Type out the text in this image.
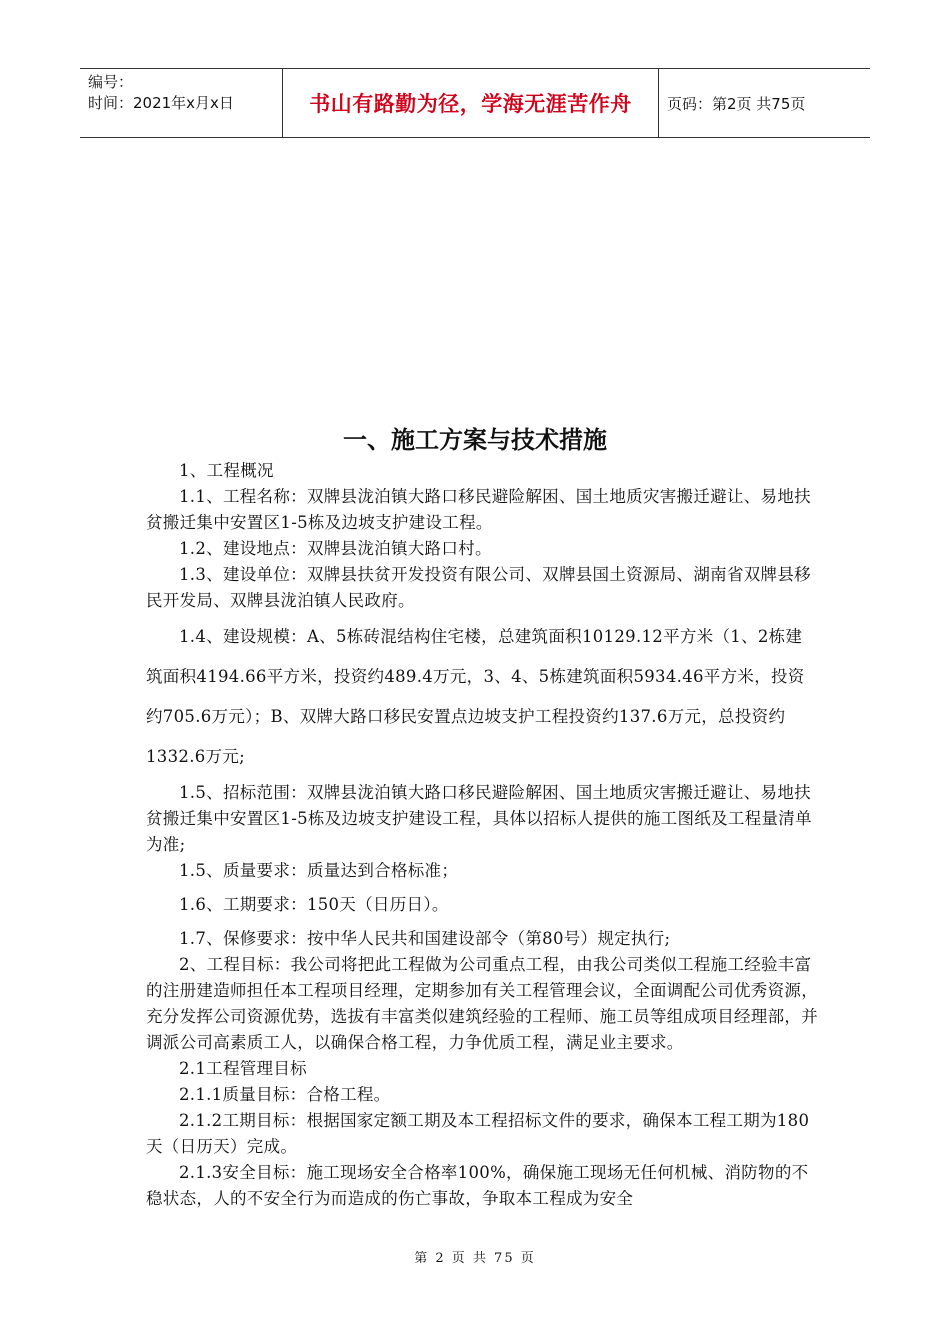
编号：
时间：2021年x月x日	书山有路勤为径，学海无涯苦作舟	页码：第2页 共75页
一、施工方案与技术措施

1、工程概况

1.1、工程名称：双牌县泷泊镇大路口移民避险解困、国土地质灾害搬迁避让、易地扶贫搬迁集中安置区1-5栋及边坡支护建设工程。

1.2、建设地点：双牌县泷泊镇大路口村。

1.3、建设单位：双牌县扶贫开发投资有限公司、双牌县国土资源局、湖南省双牌县移民开发局、双牌县泷泊镇人民政府。

1.4、建设规模：A、5栋砖混结构住宅楼，总建筑面积10129.12平方米（1、2栋建筑面积4194.66平方米，投资约489.4万元，3、4、5栋建筑面积5934.46平方米，投资约705.6万元）；B、双牌大路口移民安置点边坡支护工程投资约137.6万元，总投资约1332.6万元;

1.5、招标范围：双牌县泷泊镇大路口移民避险解困、国土地质灾害搬迁避让、易地扶贫搬迁集中安置区1-5栋及边坡支护建设工程，具体以招标人提供的施工图纸及工程量清单为准;

1.5、质量要求：质量达到合格标准；

1.6、工期要求：150天（日历日）。

1.7、保修要求：按中华人民共和国建设部令（第80号）规定执行;

2、工程目标：我公司将把此工程做为公司重点工程，由我公司类似工程施工经验丰富的注册建造师担任本工程项目经理，定期参加有关工程管理会议，全面调配公司优秀资源，充分发挥公司资源优势，选拔有丰富类似建筑经验的工程师、施工员等组成项目经理部，并调派公司高素质工人，以确保合格工程，力争优质工程，满足业主要求。

2.1工程管理目标

2.1.1质量目标：合格工程。

2.1.2工期目标：根据国家定额工期及本工程招标文件的要求，确保本工程工期为180天（日历天）完成。

2.1.3安全目标：施工现场安全合格率100%，确保施工现场无任何机械、消防物的不稳状态，人的不安全行为而造成的伤亡事故，争取本工程成为安全

第 2 页 共 75 页
